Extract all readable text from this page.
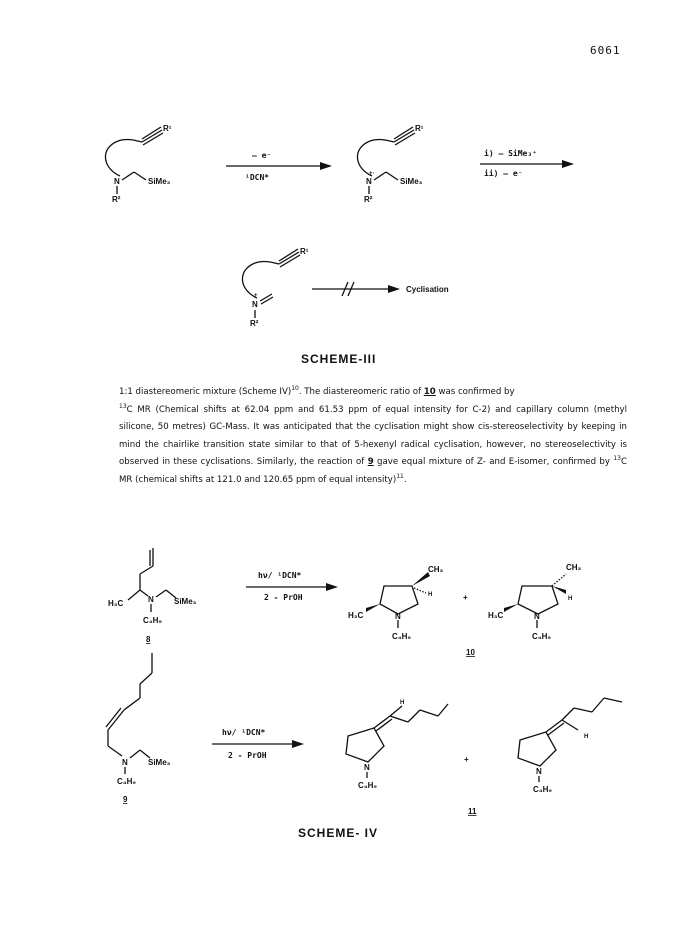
6061
R¹
N	SiMe₃
R²
— e⁻
¹DCN*
R¹
+·
N	SiMe₃
R²
i) — SiMe₃⁺
ii) — e⁻
R¹
+
N
R²
Cyclisation
H₃C	N	SiMe₃
C₄H₉
8
hν/ ¹DCN*
2 - PrOH
CH₃
H
H₃C	N
C₄H₉
+
10
CH₃
H
H₃C	N
C₄H₉
N	SiMe₃
C₄H₉
9
hν/ ¹DCN*
2 - PrOH
H
N
C₄H₉
+
H
N
C₄H₉
11
SCHEME-III

1:1 diastereomeric mixture (Scheme IV)$^{10}$. The diastereomeric ratio of 10 was confirmed by
$^{13}$C MR (Chemical shifts at 62.04 ppm and 61.53 ppm of equal intensity for C-2) and capillary column (methyl silicone, 50 metres) GC-Mass. It was anticipated that the cyclisation might show cis-stereoselectivity by keeping in mind the chairlike transition state similar to that of 5-hexenyl radical cyclisation, however, no stereoselectivity is observed in these cyclisations. Similarly, the reaction of 9 gave equal mixture of Z- and E-isomer, confirmed by $^{13}$C MR (chemical shifts at 121.0 and 120.65 ppm of equal intensity)$^{11}$.

SCHEME- IV
